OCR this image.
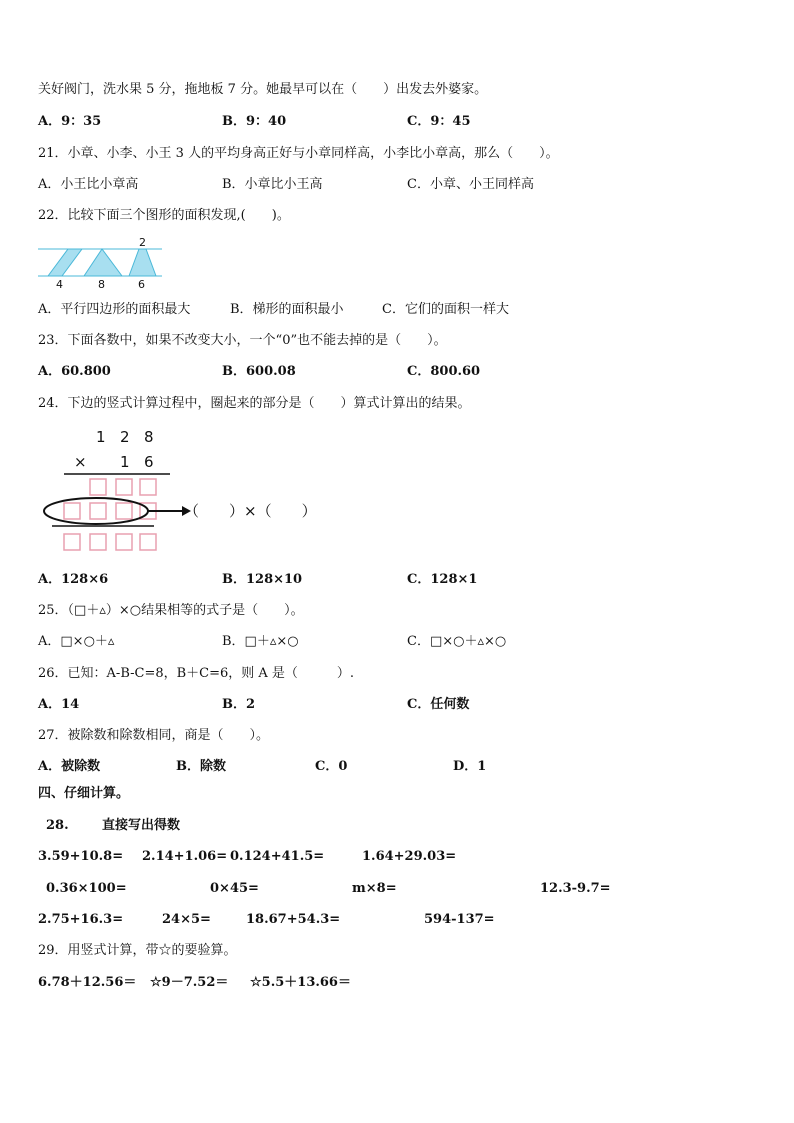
关好阀门，洗水果 5 分，拖地板 7 分。她最早可以在（　　）出发去外婆家。
A．9：35	B．9：40	C．9：45
21．小章、小李、小王 3 人的平均身高正好与小章同样高，小李比小章高，那么（　　）。
A．小王比小章高	B．小章比小王高	C．小章、小王同样高
22．比较下面三个图形的面积发现,(　　)。
2
4	8	6
A．平行四边形的面积最大	B．梯形的面积最小	C．它们的面积一样大
23．下面各数中，如果不改变大小，一个“0”也不能去掉的是（　　）。
A．60.800	B．600.08	C．800.60
24．下边的竖式计算过程中，圈起来的部分是（　　）算式计算出的结果。
1 2 8
× 1 6
（　　）×（　　）
A．128×6	B．128×10	C．128×1
25．（□＋▵）×○结果相等的式子是（　　）。
A．□×○＋▵	B．□＋▵×○	C．□×○＋▵×○
26．已知：A-B-C=8，B＋C=6，则 A 是（　　　）.
A．14	B．2	C．任何数
27．被除数和除数相同，商是（　　）。
A．被除数	B．除数	C．0	D．1
四、仔细计算。
28.	直接写出得数
3.59+10.8= 2.14+1.06= 0.124+41.5=	1.64+29.03=
0.36×100=	0×45=	m×8=	12.3-9.7=
2.75+16.3=	24×5=	18.67+54.3=	594-137=
29．用竖式计算，带☆的要验算。
6.78＋12.56＝ ☆9－7.52＝ ☆5.5＋13.66＝
